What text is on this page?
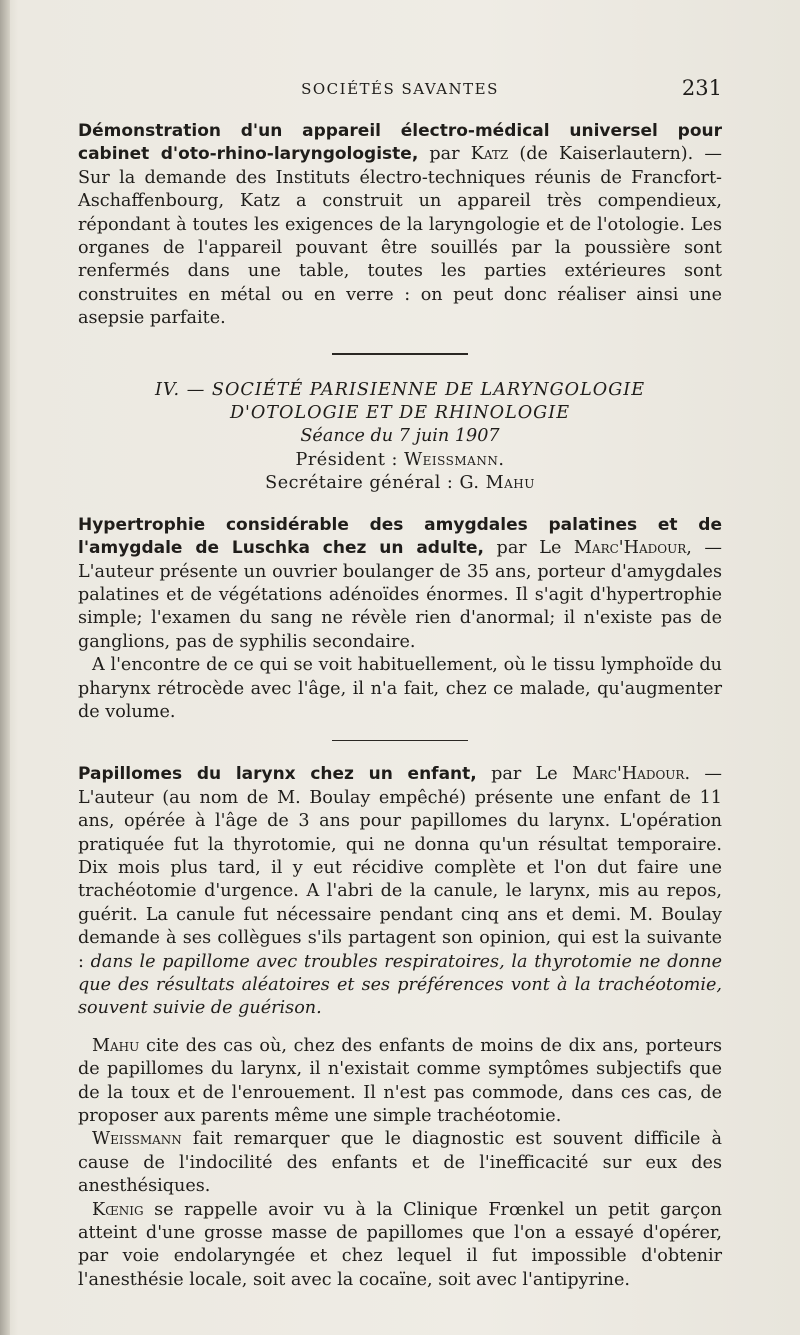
SOCIÉTÉS SAVANTES	231

Démonstration d'un appareil électro-médical universel pour cabinet d'oto-rhino-laryngologiste, par Katz (de Kaiserlautern). — Sur la demande des Instituts électro-techniques réunis de Francfort-Aschaffenbourg, Katz a construit un appareil très compendieux, répondant à toutes les exigences de la laryngologie et de l'otologie. Les organes de l'appareil pouvant être souillés par la poussière sont renfermés dans une table, toutes les parties extérieures sont construites en métal ou en verre : on peut donc réaliser ainsi une asepsie parfaite.

IV. — SOCIÉTÉ PARISIENNE DE LARYNGOLOGIE
D'OTOLOGIE ET DE RHINOLOGIE
Séance du 7 juin 1907
Président : Weissmann.
Secrétaire général : G. Mahu

Hypertrophie considérable des amygdales palatines et de l'amygdale de Luschka chez un adulte, par Le Marc'Hadour, — L'auteur présente un ouvrier boulanger de 35 ans, porteur d'amygdales palatines et de végétations adénoïdes énormes. Il s'agit d'hypertrophie simple; l'examen du sang ne révèle rien d'anormal; il n'existe pas de ganglions, pas de syphilis secondaire.

A l'encontre de ce qui se voit habituellement, où le tissu lymphoïde du pharynx rétrocède avec l'âge, il n'a fait, chez ce malade, qu'augmenter de volume.

Papillomes du larynx chez un enfant, par Le Marc'Hadour. — L'auteur (au nom de M. Boulay empêché) présente une enfant de 11 ans, opérée à l'âge de 3 ans pour papillomes du larynx. L'opération pratiquée fut la thyrotomie, qui ne donna qu'un résultat temporaire. Dix mois plus tard, il y eut récidive complète et l'on dut faire une trachéotomie d'urgence. A l'abri de la canule, le larynx, mis au repos, guérit. La canule fut nécessaire pendant cinq ans et demi. M. Boulay demande à ses collègues s'ils partagent son opinion, qui est la suivante : dans le papillome avec troubles respiratoires, la thyrotomie ne donne que des résultats aléatoires et ses préférences vont à la trachéotomie, souvent suivie de guérison.

Mahu cite des cas où, chez des enfants de moins de dix ans, porteurs de papillomes du larynx, il n'existait comme symptômes subjectifs que de la toux et de l'enrouement. Il n'est pas commode, dans ces cas, de proposer aux parents même une simple trachéotomie.

Weissmann fait remarquer que le diagnostic est souvent difficile à cause de l'indocilité des enfants et de l'inefficacité sur eux des anesthésiques.

Kœnig se rappelle avoir vu à la Clinique Frœnkel un petit garçon atteint d'une grosse masse de papillomes que l'on a essayé d'opérer, par voie endolaryngée et chez lequel il fut impossible d'obtenir l'anesthésie locale, soit avec la cocaïne, soit avec l'antipyrine.
